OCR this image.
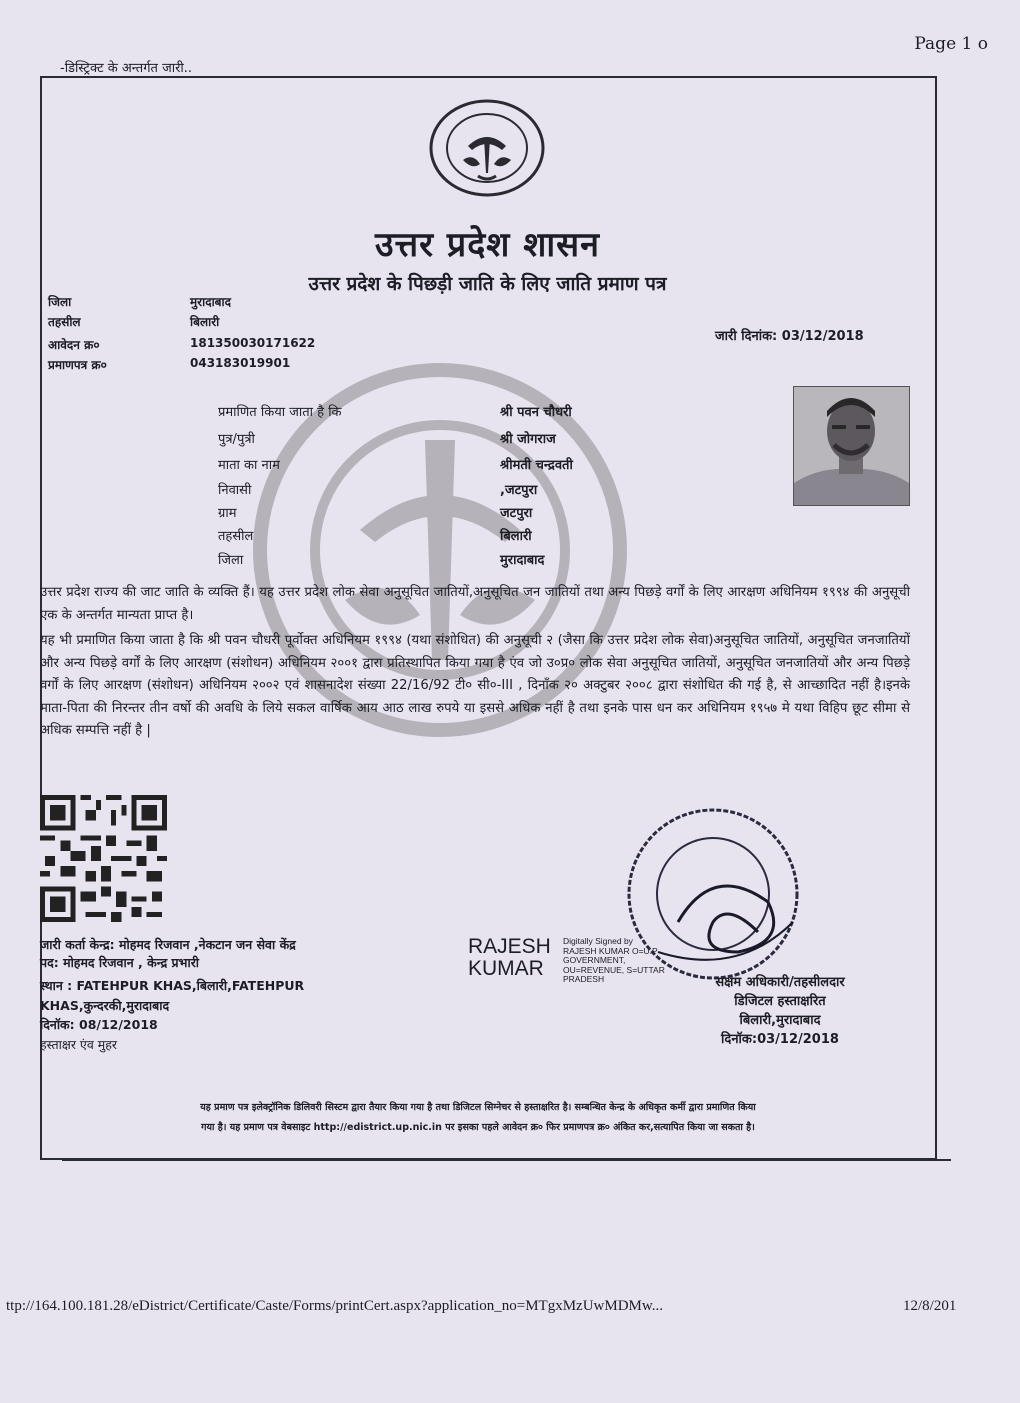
Page 1 o
-डिस्ट्रिक्ट के अन्तर्गत जारी..
उत्तर प्रदेश शासन
उत्तर प्रदेश के पिछड़ी जाति के लिए जाति प्रमाण पत्र
जिला	मुरादाबाद
तहसील	बिलारी
आवेदन क्र०	181350030171622
प्रमाणपत्र क्र०	043183019901
जारी दिनांक: 03/12/2018
प्रमाणित किया जाता है कि	श्री पवन चौधरी
पुत्र/पुत्री	श्री जोगराज
माता का नाम	श्रीमती चन्द्रवती
निवासी	,जटपुरा
ग्राम	जटपुरा
तहसील	बिलारी
जिला	मुरादाबाद
उत्तर प्रदेश राज्य की जाट जाति के व्यक्ति हैं। यह उत्तर प्रदेश लोक सेवा अनुसूचित जातियों,अनुसूचित जन जातियों तथा अन्य पिछड़े वर्गों के लिए आरक्षण अधिनियम १९९४ की अनुसूची एक के अन्तर्गत मान्यता प्राप्त है।
यह भी प्रमाणित किया जाता है कि श्री पवन चौधरी पूर्वोक्त अधिनियम १९९४ (यथा संशोधित) की अनुसूची २ (जैसा कि उत्तर प्रदेश लोक सेवा)अनुसूचित जातियों, अनुसूचित जनजातियों और अन्य पिछड़े वर्गों के लिए आरक्षण (संशोधन) अधिनियम २००१ द्वारा प्रतिस्थापित किया गया है एंव जो उ०प्र० लोक सेवा अनुसूचित जातियों, अनुसूचित जनजातियों और अन्य पिछड़े वर्गों के लिए आरक्षण (संशोधन) अधिनियम २००२ एवं शासनादेश संख्या 22/16/92 टी० सी०-III , दिनाँक २० अक्टुबर २००८ द्वारा संशोधित की गई है, से आच्छादित नहीं है।इनके माता-पिता की निरन्तर तीन वर्षो की अवधि के लिये सकल वार्षिक आय आठ लाख रुपये या इससे अधिक नहीं है तथा इनके पास धन कर अधिनियम १९५७ मे यथा विहिप छूट सीमा से अधिक सम्पत्ति नहीं है |
जारी कर्ता केन्द्र: मोहमद रिजवान ,नेकटान जन सेवा केंद्र
पद: मोहमद रिजवान , केन्द्र प्रभारी
स्थान : FATEHPUR KHAS,बिलारी,FATEHPUR
KHAS,कुन्दरकी,मुरादाबाद
दिनॉक: 08/12/2018
हस्ताक्षर एंव मुहर
RAJESH
KUMAR
Digitally Signed by
RAJESH KUMAR O=U.P
GOVERNMENT,
OU=REVENUE, S=UTTAR
PRADESH	सक्षम अधिकारी/तहसीलदार
डिजिटल हस्ताक्षरित
बिलारी,मुरादाबाद
दिनॉक:03/12/2018
यह प्रमाण पत्र इलेक्ट्रॉनिक डिलिवरी सिस्टम द्वारा तैयार किया गया है तथा डिजिटल सिग्नेचर से हस्ताक्षरित है। सम्बन्धित केन्द्र के अधिकृत कर्मी द्वारा प्रमाणित किया
गया है। यह प्रमाण पत्र वेबसाइट http://edistrict.up.nic.in पर इसका पहले आवेदन क्र० फिर प्रमाणपत्र क्र० अंकित कर,सत्यापित किया जा सकता है।
ttp://164.100.181.28/eDistrict/Certificate/Caste/Forms/printCert.aspx?application_no=MTgxMzUwMDMw...	12/8/201
